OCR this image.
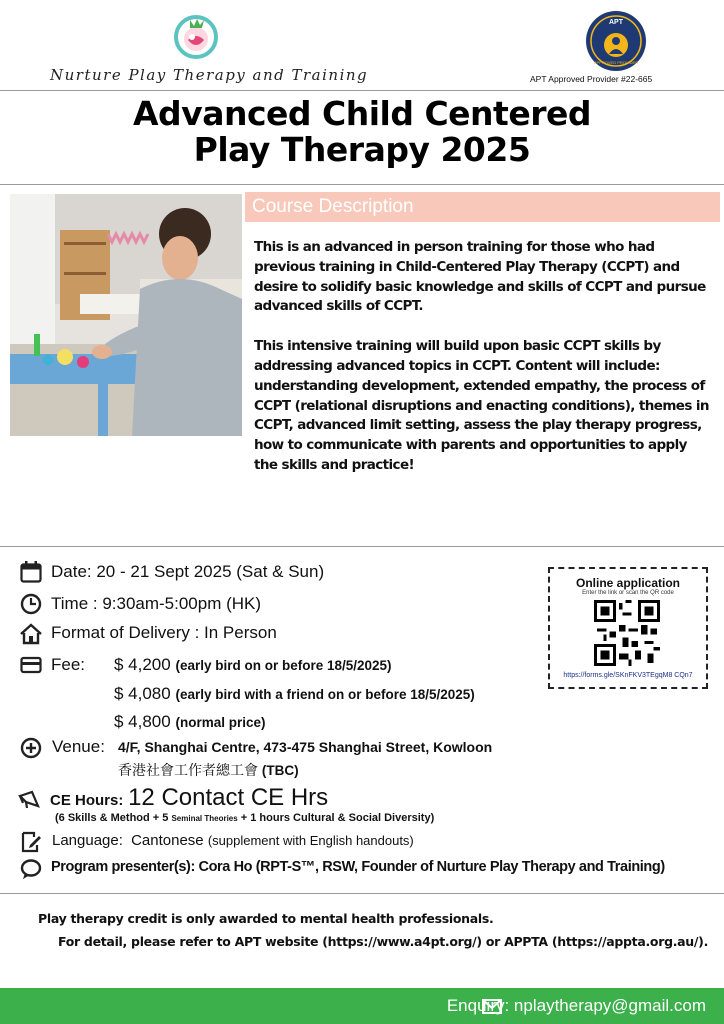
Nurture Play Therapy and Training
APT
APPROVED PROVIDER
APT Approved Provider #22-665
Advanced Child Centered
Play Therapy 2025
Course Description

This is an advanced in person training for those who had previous training in Child-Centered Play Therapy (CCPT) and desire to solidify basic knowledge and skills of CCPT and pursue advanced skills of CCPT.

This intensive training will build upon basic CCPT skills by addressing advanced topics in CCPT. Content will include: understanding development, extended empathy, the process of CCPT (relational disruptions and enacting conditions), themes in CCPT, advanced limit setting, assess the play therapy progress, how to communicate with parents and opportunities to apply the skills and practice!

Date: 20 - 21 Sept 2025 (Sat & Sun)
Time : 9:30am-5:00pm (HK)
Format of Delivery : In Person
Fee: $ 4,200 (early bird on or before 18/5/2025)
$ 4,080 (early bird with a friend on or before 18/5/2025)
$ 4,800 (normal price)
Venue: 4/F, Shanghai Centre, 473-475 Shanghai Street, Kowloon
香港社會工作者總工會 (TBC)
CE Hours: 12 Contact CE Hrs
(6 Skills & Method + 5 Seminal Theories + 1 hours Cultural & Social Diversity)
Language: Cantonese (supplement with English handouts)
Program presenter(s): Cora Ho (RPT-S™, RSW, Founder of Nurture Play Therapy and Training)
Online application
Enter the link or scan the QR code
https://forms.gle/SKnFKV3TEgqM8 CQn7
Play therapy credit is only awarded to mental health professionals.
For detail, please refer to APT website (https://www.a4pt.org/) or APPTA (https://appta.org.au/).
Enquiry: nplaytherapy@gmail.com
